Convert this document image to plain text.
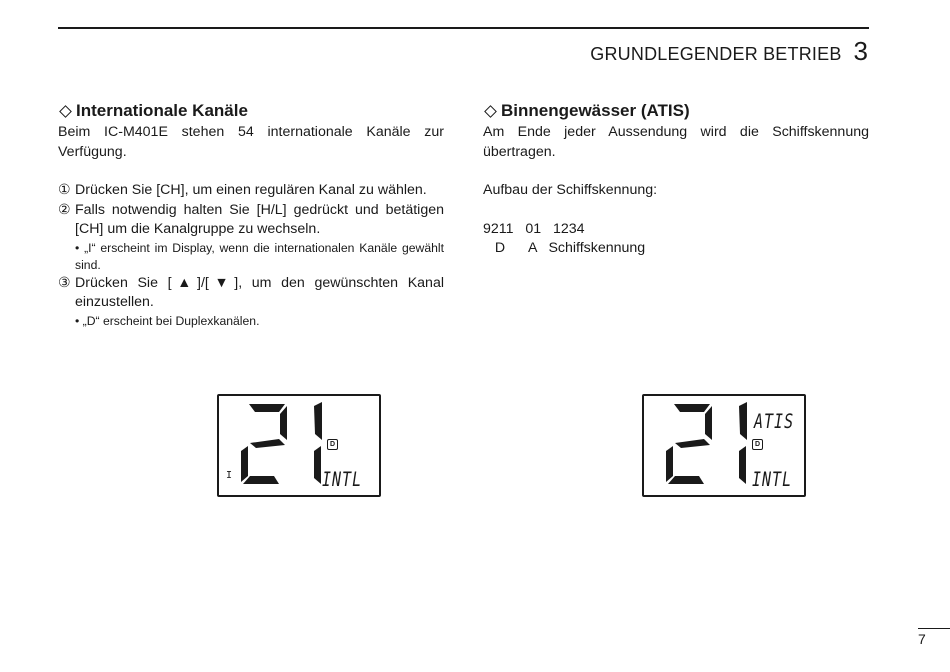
GRUNDLEGENDER BETRIEB 3
Internationale Kanäle

Beim IC-M401E stehen 54 internationale Kanäle zur Verfügung.

① Drücken Sie [CH], um einen regulären Kanal zu wählen.
② Falls notwendig halten Sie [H/L] gedrückt und betätigen [CH] um die Kanalgruppe zu wechseln.
• „I“ erscheint im Display, wenn die internationalen Kanäle gewählt sind.
③ Drücken Sie [▲]/[▼], um den gewünschten Kanal einzustellen.
• „D“ erscheint bei Duplexkanälen.
Binnengewässer (ATIS)

Am Ende jeder Aussendung wird die Schiffskennung übertragen.

Aufbau der Schiffskennung:
9211   01   1234
D      A   Schiffskennung
D
I	INTL
ATIS
D
INTL
7
